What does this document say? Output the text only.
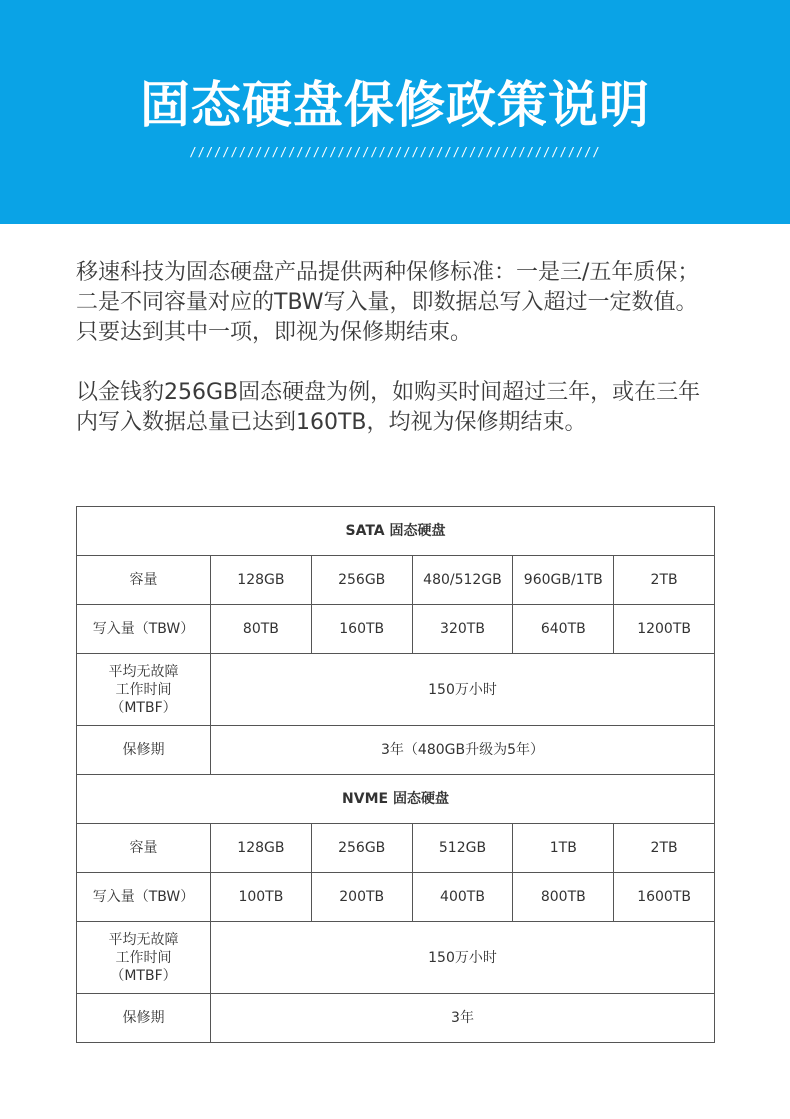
固态硬盘保修政策说明
//////////////////////////////////////////////////

移速科技为固态硬盘产品提供两种保修标准：一是三/五年质保；二是不同容量对应的TBW写入量，即数据总写入超过一定数值。只要达到其中一项，即视为保修期结束。

以金钱豹256GB固态硬盘为例，如购买时间超过三年，或在三年内写入数据总量已达到160TB，均视为保修期结束。

SATA 固态硬盘					
容量	128GB	256GB	480/512GB	960GB/1TB	2TB
写入量（TBW）	80TB	160TB	320TB	640TB	1200TB
平均无故障
工作时间
（MTBF）	150万小时				
保修期	3年（480GB升级为5年）				
NVME 固态硬盘					
容量	128GB	256GB	512GB	1TB	2TB
写入量（TBW）	100TB	200TB	400TB	800TB	1600TB
平均无故障
工作时间
（MTBF）	150万小时				
保修期	3年				
